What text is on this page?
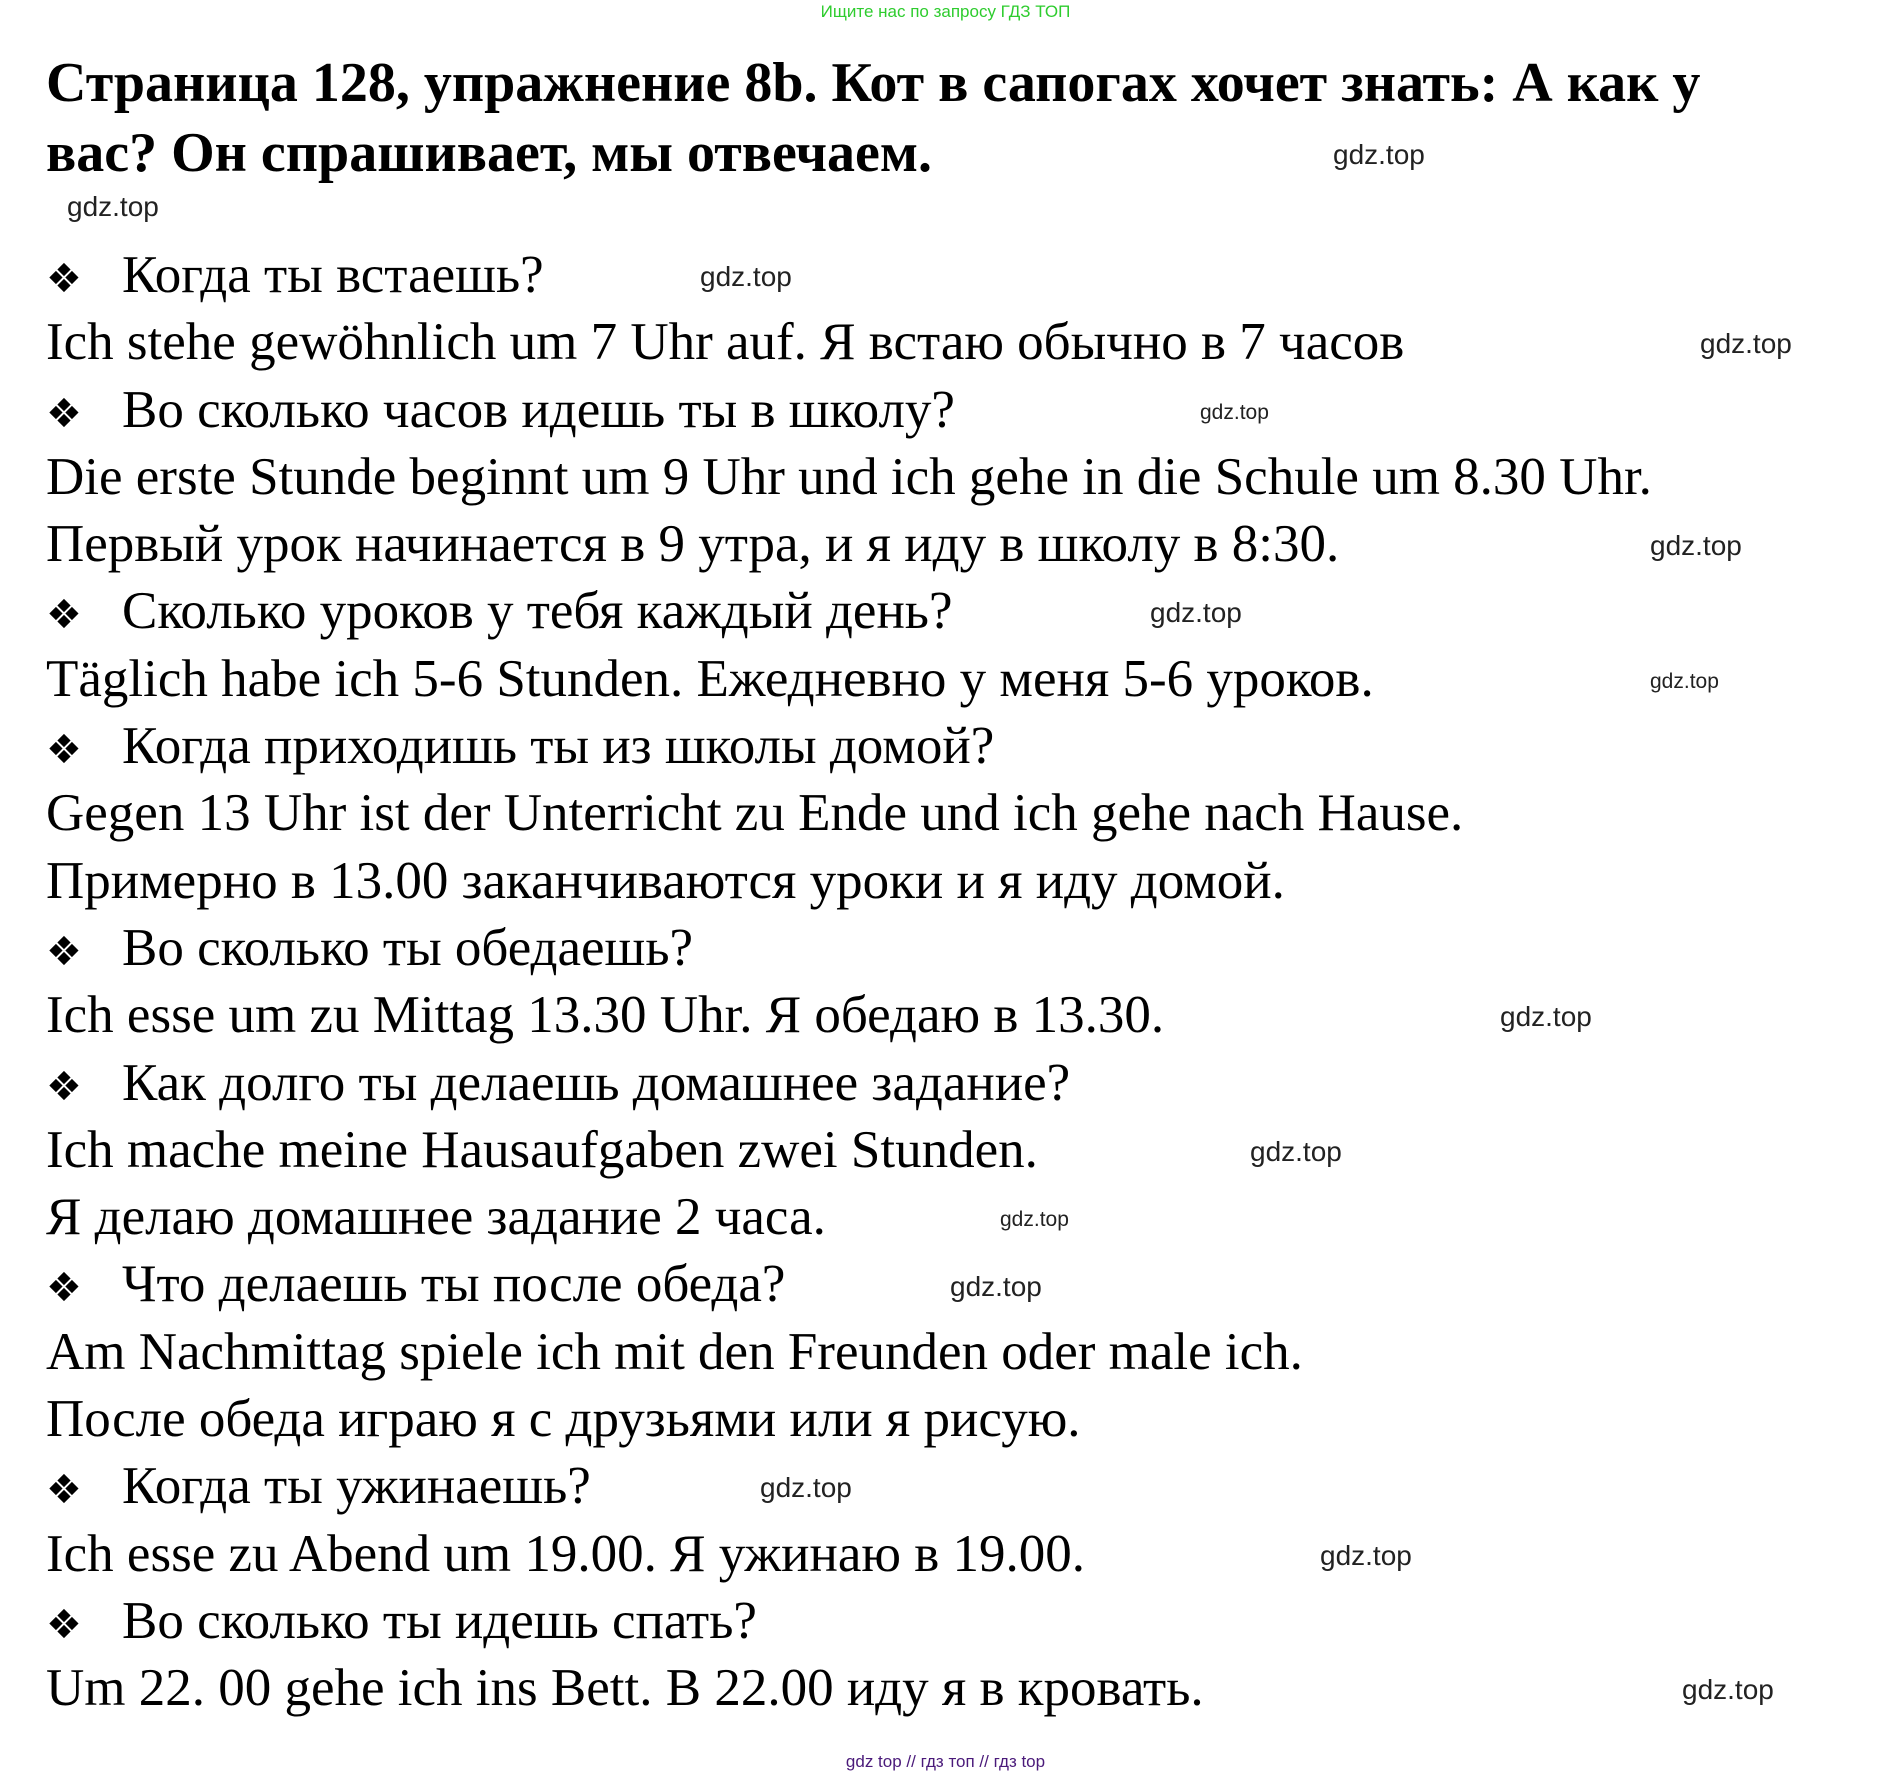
Ищите нас по запросу ГДЗ ТОП
Страница 128, упражнение 8b. Кот в сапогах хочет знать: А как у
вас? Он спрашивает, мы отвечаем.
❖ Когда ты встаешь?
Ich stehe gewöhnlich um 7 Uhr auf. Я встаю обычно в 7 часов
❖ Во сколько часов идешь ты в школу?
Die erste Stunde beginnt um 9 Uhr und ich gehe in die Schule um 8.30 Uhr.
Первый урок начинается в 9 утра, и я иду в школу в 8:30.
❖ Сколько уроков у тебя каждый день?
Täglich habe ich 5-6 Stunden. Ежедневно у меня 5-6 уроков.
❖ Когда приходишь ты из школы домой?
Gegen 13 Uhr ist der Unterricht zu Ende und ich gehe nach Hause.
Примерно в 13.00 заканчиваются уроки и я иду домой.
❖ Во сколько ты обедаешь?
Ich esse um zu Mittag 13.30 Uhr. Я обедаю в 13.30.
❖ Как долго ты делаешь домашнее задание?
Ich mache meine Hausaufgaben zwei Stunden.
Я делаю домашнее задание 2 часа.
❖ Что делаешь ты после обеда?
Am Nachmittag spiele ich mit den Freunden oder male ich.
После обеда играю я с друзьями или я рисую.
❖ Когда ты ужинаешь?
Ich esse zu Abend um 19.00. Я ужинаю в 19.00.
❖ Во сколько ты идешь спать?
Um 22. 00 gehe ich ins Bett. В 22.00 иду я в кровать.
gdz.top
gdz.top
gdz.top
gdz.top
gdz.top
gdz.top
gdz.top
gdz.top
gdz.top
gdz.top
gdz.top
gdz.top
gdz.top
gdz.top
gdz.top
gdz top // гдз топ // гдз top
